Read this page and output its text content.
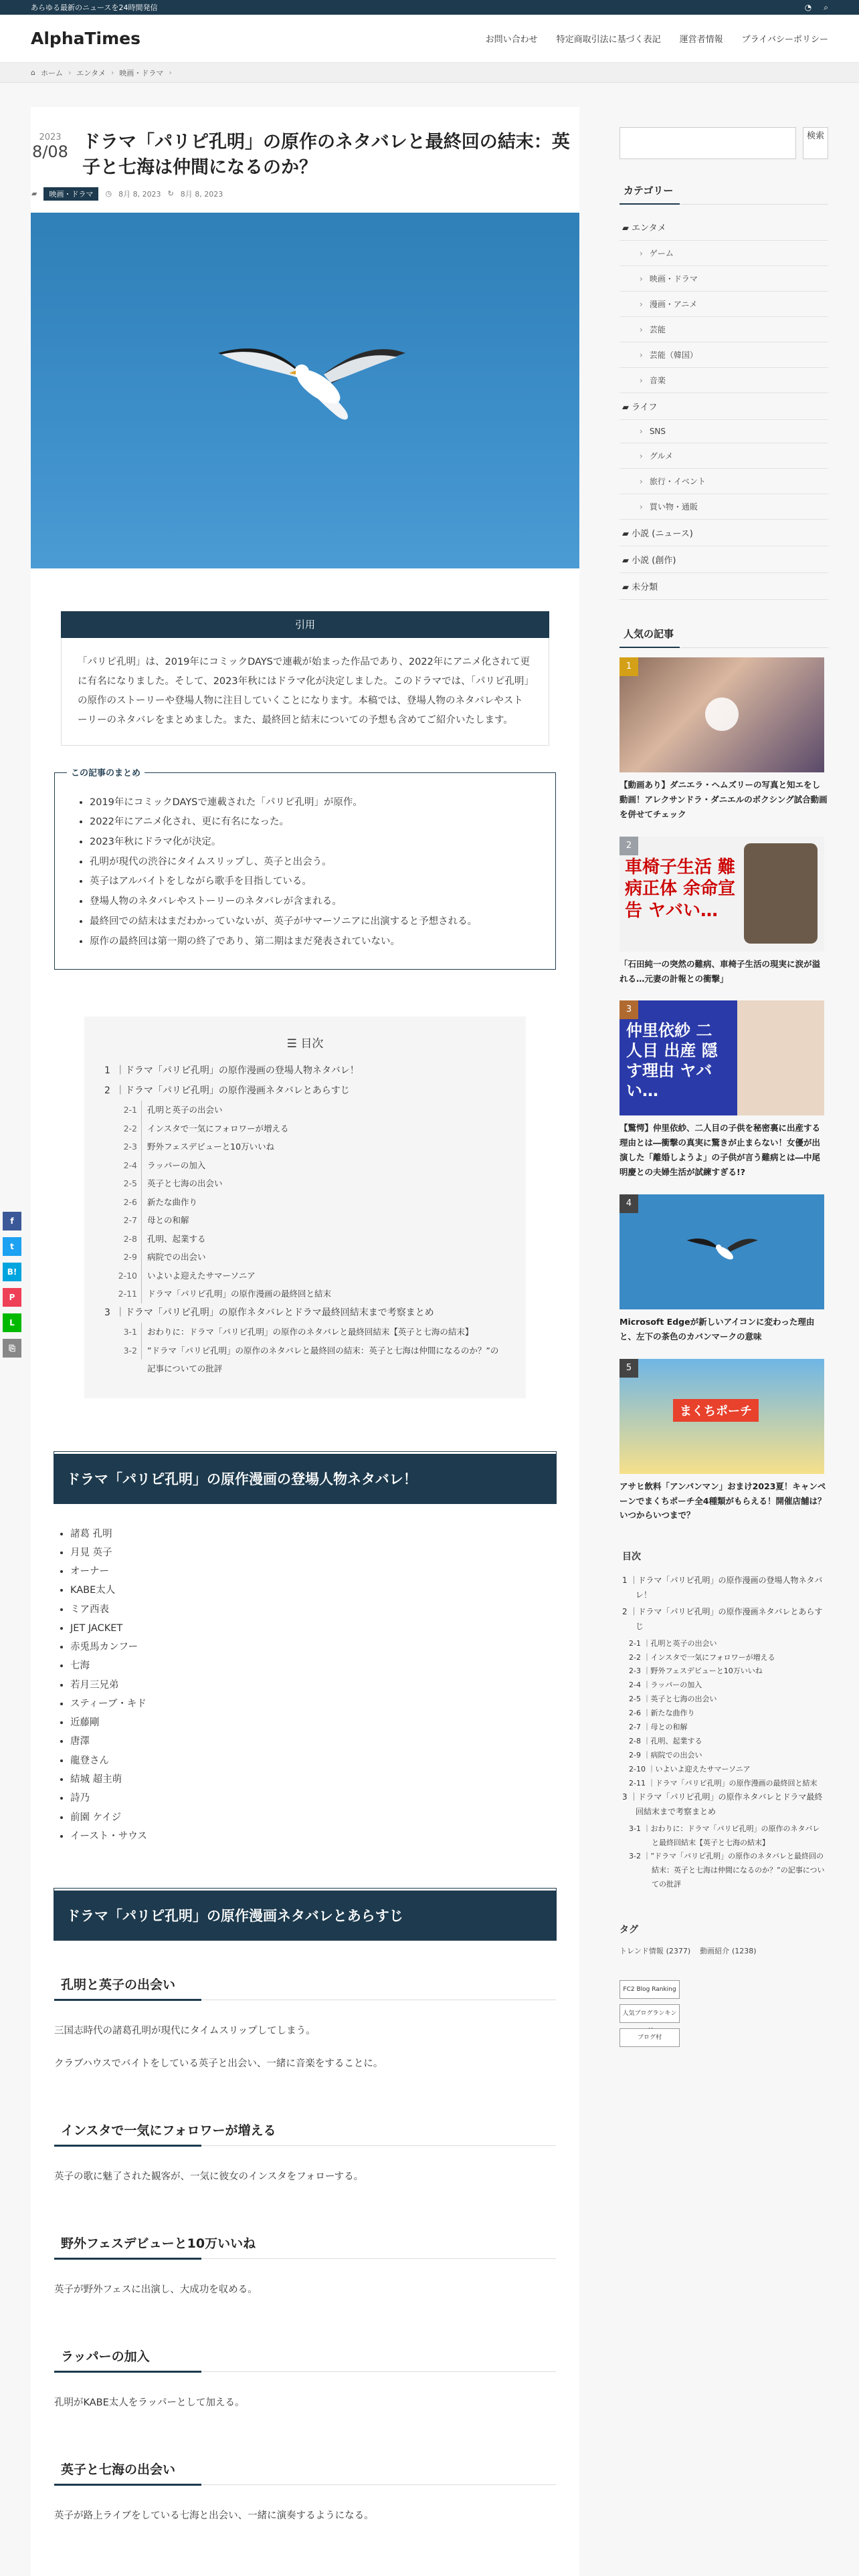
あらゆる最新のニュースを24時間発信	◔ ⌕
AlphaTimes	お問い合わせ 特定商取引法に基づく表記 運営者情報 プライバシーポリシー
⌂ ホーム › エンタメ › 映画・ドラマ ›
f
t
B!
P
L
⎘
2023
8/08 ドラマ「パリピ孔明」の原作のネタバレと最終回の結末：英子と七海は仲間になるのか？
▰	映画・ドラマ	◷ 8月 8, 2023 ↻ 8月 8, 2023
引用
「パリピ孔明」は、2019年にコミックDAYSで連載が始まった作品であり、2022年にアニメ化されて更に有名になりました。そして、2023年秋にはドラマ化が決定しました。このドラマでは、「パリピ孔明」の原作のストーリーや登場人物に注目していくことになります。本稿では、登場人物のネタバレやストーリーのネタバレをまとめました。また、最終回と結末についての予想も含めてご紹介いたします。
この記事のまとめ
• 2019年にコミックDAYSで連載された「パリピ孔明」が原作。
• 2022年にアニメ化され、更に有名になった。
• 2023年秋にドラマ化が決定。
• 孔明が現代の渋谷にタイムスリップし、英子と出会う。
• 英子はアルバイトをしながら歌手を目指している。
• 登場人物のネタバレやストーリーのネタバレが含まれる。
• 最終回での結末はまだわかっていないが、英子がサマーソニアに出演すると予想される。
• 原作の最終回は第一期の終了であり、第二期はまだ発表されていない。
☰ 目次
1 ｜ドラマ「パリピ孔明」の原作漫画の登場人物ネタバレ！
2 ｜ドラマ「パリピ孔明」の原作漫画ネタバレとあらすじ
2-1 孔明と英子の出会い
2-2 インスタで一気にフォロワーが増える
2-3 野外フェスデビューと10万いいね
2-4 ラッパーの加入
2-5 英子と七海の出会い
2-6 新たな曲作り
2-7 母との和解
2-8 孔明、起業する
2-9 病院での出会い
2-10 いよいよ迎えたサマーソニア
2-11 ドラマ「パリピ孔明」の原作漫画の最終回と結末
3 ｜ドラマ「パリピ孔明」の原作ネタバレとドラマ最終回結末まで考察まとめ
3-1 おわりに：ドラマ「パリピ孔明」の原作のネタバレと最終回結末【英子と七海の結末】
3-2 ”ドラマ「パリピ孔明」の原作のネタバレと最終回の結末：英子と七海は仲間になるのか？”の記事についての批評
ドラマ「パリピ孔明」の原作漫画の登場人物ネタバレ！
• 諸葛 孔明
• 月見 英子
• オーナー
• KABE太人
• ミア西表
• JET JACKET
• 赤兎馬カンフー
• 七海
• 若月三兄弟
• スティーブ・キド
• 近藤剛
• 唐澤
• 龍登さん
• 結城 超主萌
• 詩乃
• 前園 ケイジ
• イースト・サウス
ドラマ「パリピ孔明」の原作漫画ネタバレとあらすじ
孔明と英子の出会い

三国志時代の諸葛孔明が現代にタイムスリップしてしまう。

クラブハウスでバイトをしている英子と出会い、一緒に音楽をすることに。

インスタで一気にフォロワーが増える

英子の歌に魅了された観客が、一気に彼女のインスタをフォローする。

野外フェスデビューと10万いいね

英子が野外フェスに出演し、大成功を収める。

ラッパーの加入

孔明がKABE太人をラッパーとして加える。

英子と七海の出会い

英子が路上ライブをしている七海と出会い、一緒に演奏するようになる。

検索
カテゴリー
▰ エンタメ
› ゲーム
› 映画・ドラマ
› 漫画・アニメ
› 芸能
› 芸能（韓国）
› 音楽
▰ ライフ
› SNS
› グルメ
› 旅行・イベント
› 買い物・通販
▰ 小説 (ニュース)
▰ 小説 (創作)
▰ 未分類
人気の記事
1
【動画あり】ダニエラ・ヘムズリーの写真と知エをし動画！アレクサンドラ・ダニエルのボクシング試合動画を併せてチェック
2
車椅子生活 難病正体 余命宣告 ヤバい…
「石田純一の突然の難病、車椅子生活の現実に涙が溢れる…元妻の計報との衝撃」
3
仲里依紗 二人目 出産 隠す理由 ヤバい…
【驚愕】仲里依紗、二人目の子供を秘密裏に出産する理由とは―衝撃の真実に驚きが止まらない！女優が出演した「離婚しようよ」の子供が言う難病とは―中尾明慶との夫婦生活が試練すぎる!?
4
Microsoft Edgeが新しいアイコンに変わった理由と、左下の茶色のカバンマークの意味
5
まくちポーチ
アサヒ飲料「アンパンマン」おまけ2023夏！キャンペーンでまくちポーチ全4種類がもらえる！開催店舗は？いつからいつまで？
目次
1 ｜ドラマ「パリピ孔明」の原作漫画の登場人物ネタバレ！
2 ｜ドラマ「パリピ孔明」の原作漫画ネタバレとあらすじ
2-1 ｜孔明と英子の出会い
2-2 ｜インスタで一気にフォロワーが増える
2-3 ｜野外フェスデビューと10万いいね
2-4 ｜ラッパーの加入
2-5 ｜英子と七海の出会い
2-6 ｜新たな曲作り
2-7 ｜母との和解
2-8 ｜孔明、起業する
2-9 ｜病院での出会い
2-10 ｜いよいよ迎えたサマーソニア
2-11 ｜ドラマ「パリピ孔明」の原作漫画の最終回と結末
3 ｜ドラマ「パリピ孔明」の原作ネタバレとドラマ最終回結末まで考察まとめ
3-1 ｜おわりに：ドラマ「パリピ孔明」の原作のネタバレと最終回結末【英子と七海の結末】
3-2 ｜”ドラマ「パリピ孔明」の原作のネタバレと最終回の結末：英子と七海は仲間になるのか？”の記事についての批評
タグ
トレンド情報 (2377) 動画紹介 (1238)
FC2 Blog Ranking
人気ブログランキン
ブログ村
